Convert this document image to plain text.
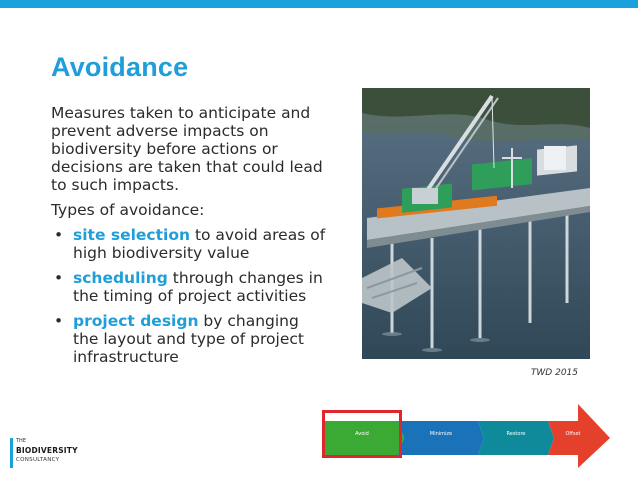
Avoidance

Measures taken to anticipate and prevent adverse impacts on biodiversity before actions or decisions are taken that could lead to such impacts.

Types of avoidance:

• site selection to avoid areas of high biodiversity value
• scheduling through changes in the timing of project activities
• project design by changing the layout and type of project infrastructure
TWD 2015
Avoid	Minimize	Restore	Offset
THE
BIODIVERSITY
CONSULTANCY
